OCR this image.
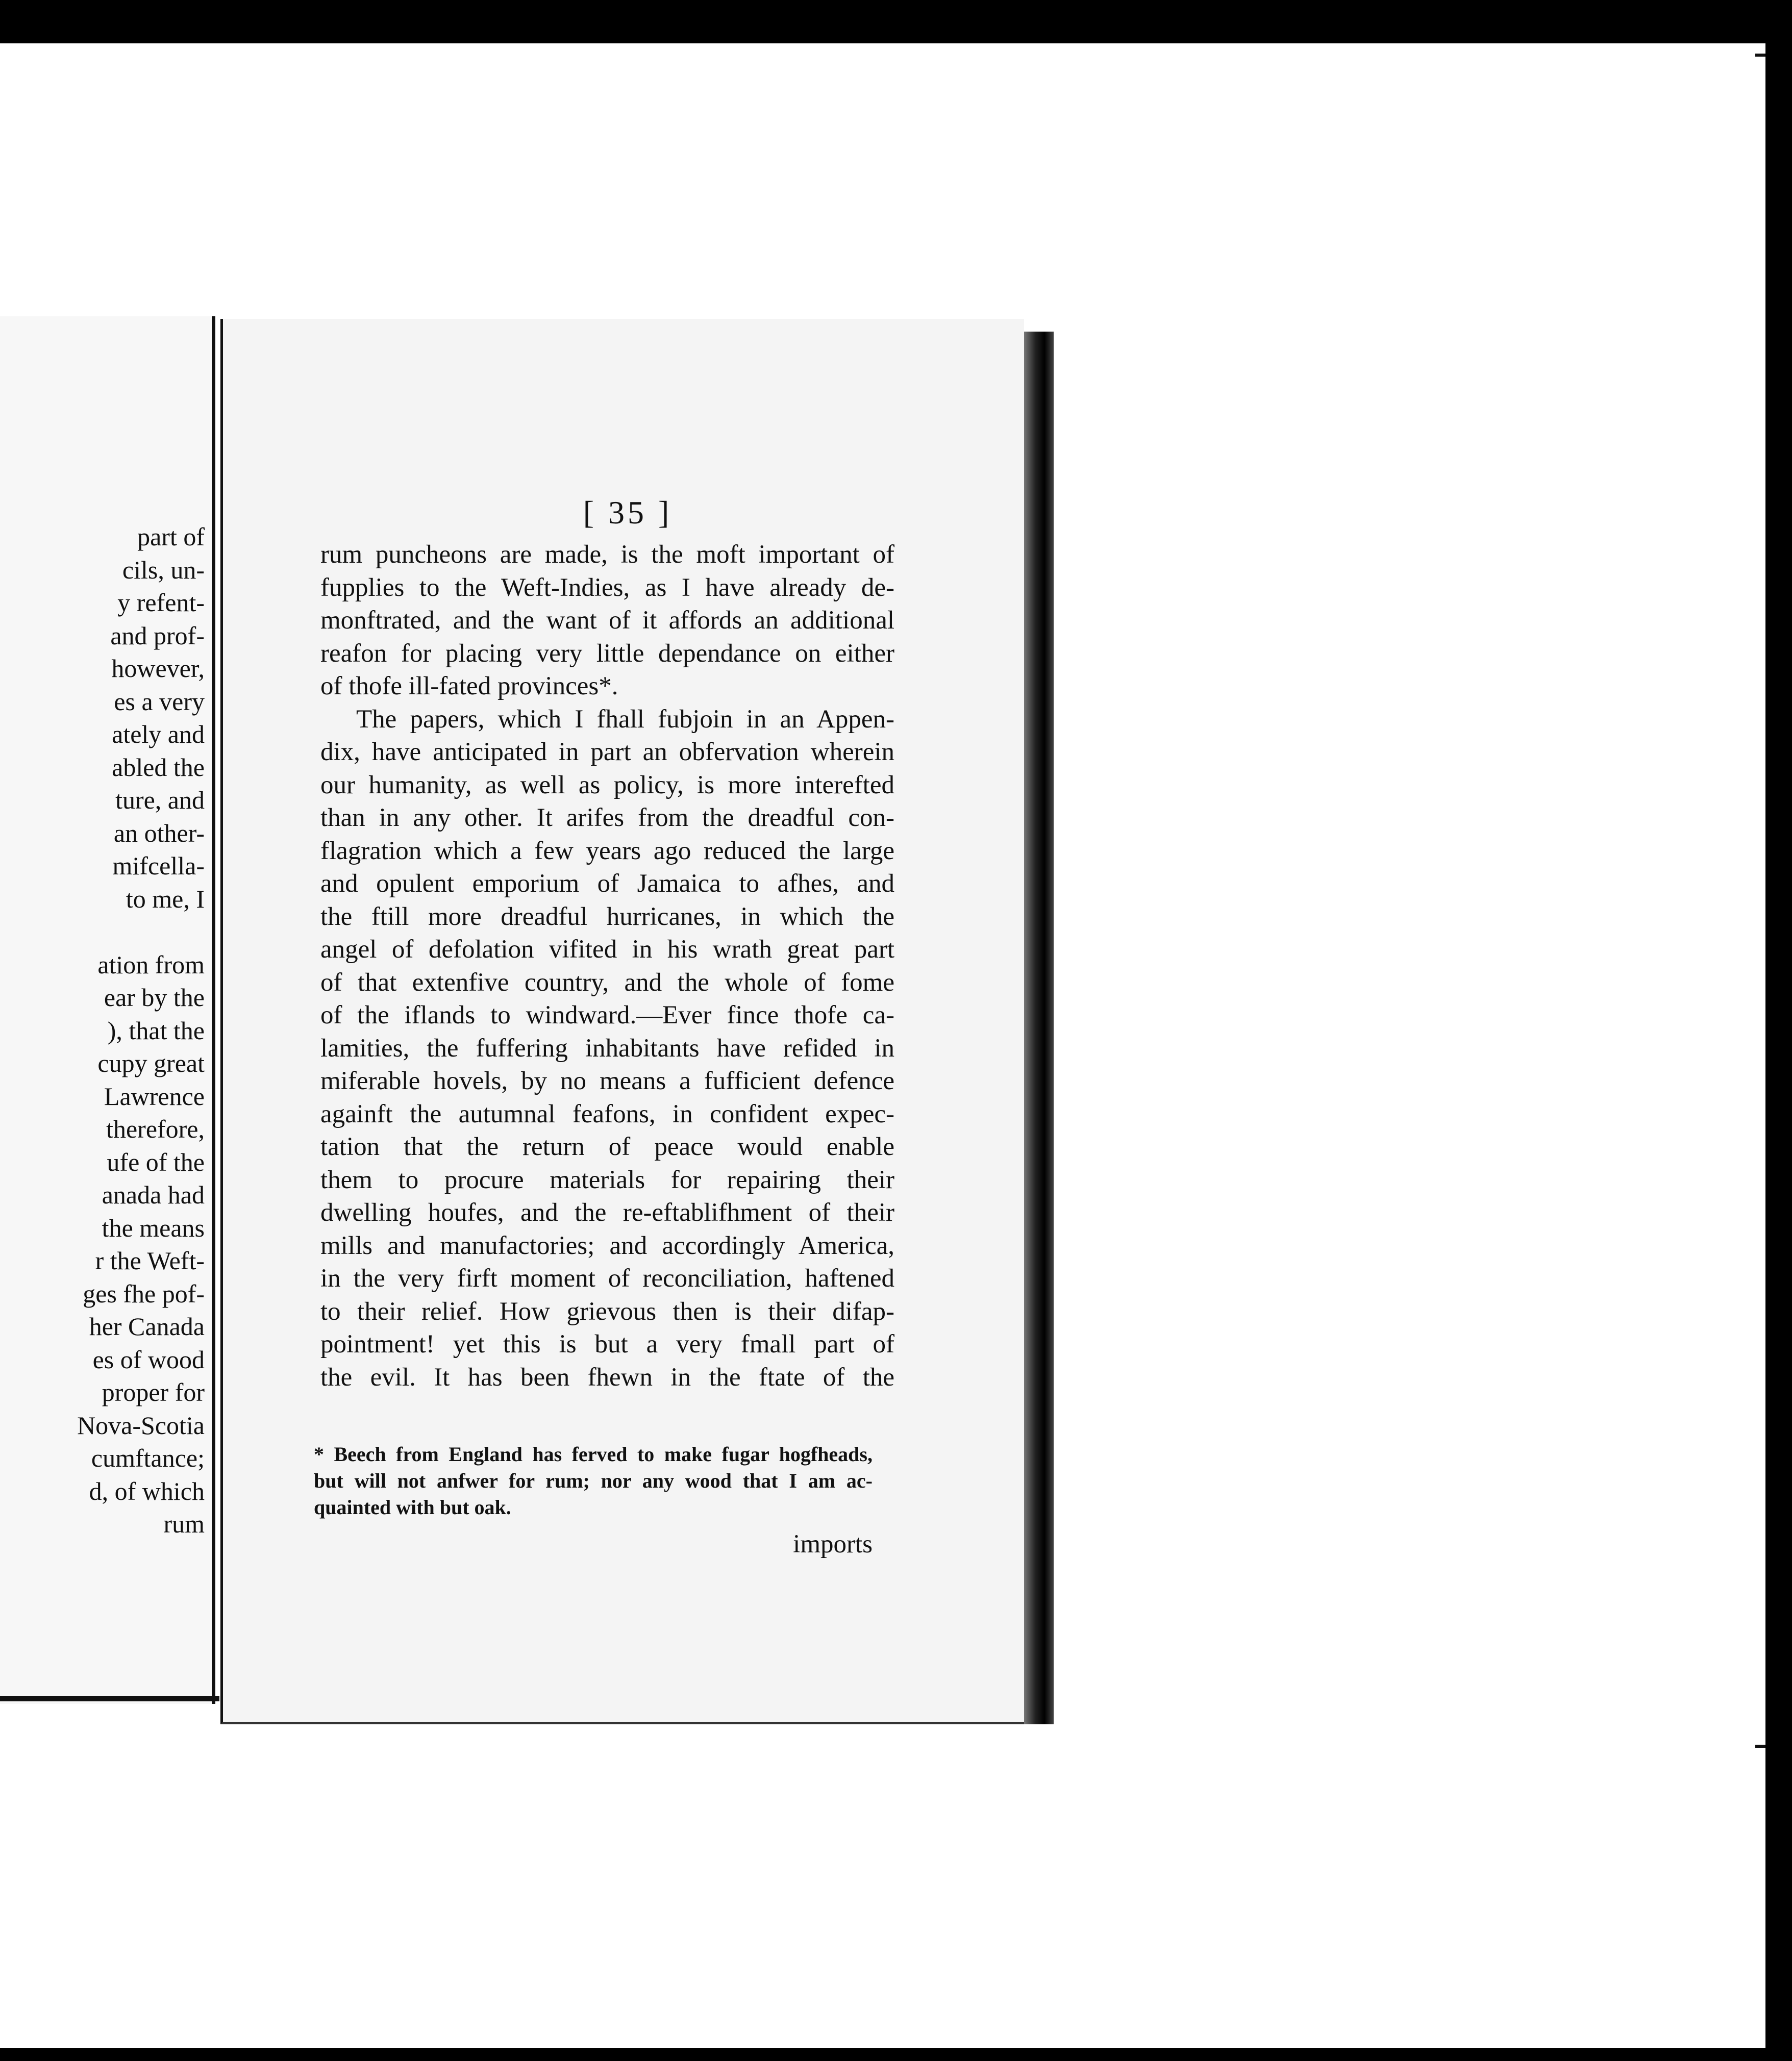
part of
cils, un-
y refent-
and prof-
however,
es a very
ately and
abled the
ture, and
an other-
mifcella-
to me, I

ation from
ear by the
), that the
cupy great
Lawrence
therefore,
ufe of the
anada had
the means
r the Weft-
ges fhe pof-
her Canada
es of wood
proper for
Nova-Scotia
cumftance;
d, of which
rum
[ 35 ]
rum puncheons are made, is the moft important of
fupplies to the Weft-Indies, as I have already de-
monftrated, and the want of it affords an additional
reafon for placing very little dependance on either
of thofe ill-fated provinces*.
The papers, which I fhall fubjoin in an Appen-
dix, have anticipated in part an obfervation wherein
our humanity, as well as policy, is more interefted
than in any other. It arifes from the dreadful con-
flagration which a few years ago reduced the large
and opulent emporium of Jamaica to afhes, and
the ftill more dreadful hurricanes, in which the
angel of defolation vifited in his wrath great part
of that extenfive country, and the whole of fome
of the iflands to windward.—Ever fince thofe ca-
lamities, the fuffering inhabitants have refided in
miferable hovels, by no means a fufficient defence
againft the autumnal feafons, in confident expec-
tation that the return of peace would enable
them to procure materials for repairing their
dwelling houfes, and the re-eftablifhment of their
mills and manufactories; and accordingly America,
in the very firft moment of reconciliation, haftened
to their relief. How grievous then is their difap-
pointment! yet this is but a very fmall part of
the evil. It has been fhewn in the ftate of the
* Beech from England has ferved to make fugar hogfheads,
but will not anfwer for rum; nor any wood that I am ac-
quainted with but oak.
imports
